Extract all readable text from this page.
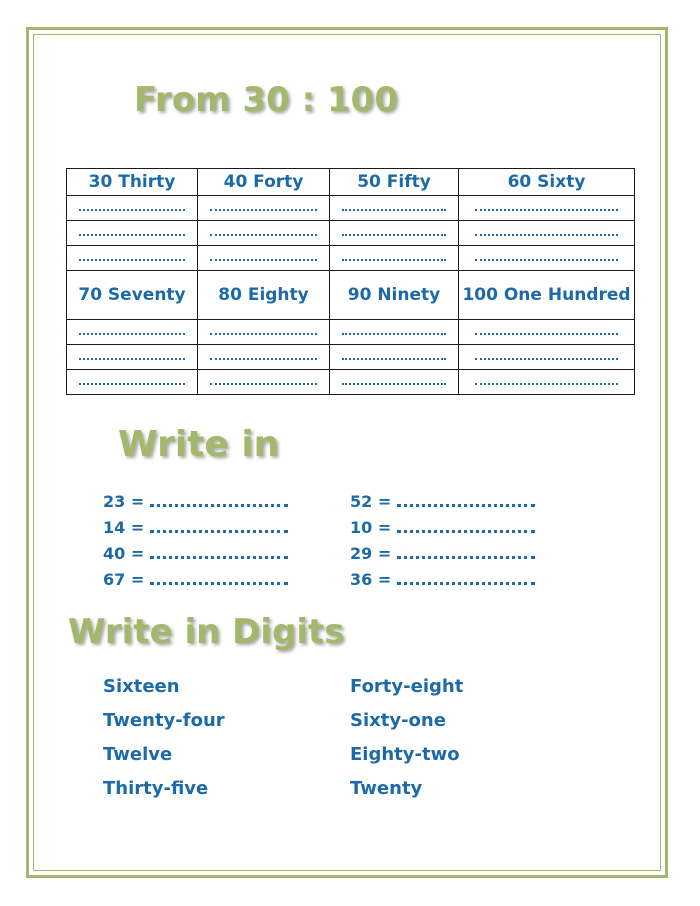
From 30 : 100
30 Thirty	40 Forty	50 Fifty	60 Sixty

70 Seventy	80 Eighty	90 Ninety	100 One Hundred

Write in
23 =
14 =
40 =
67 =
52 =
10 =
29 =
36 =
Write in Digits
Sixteen
Twenty-four
Twelve
Thirty-five
Forty-eight
Sixty-one
Eighty-two
Twenty
